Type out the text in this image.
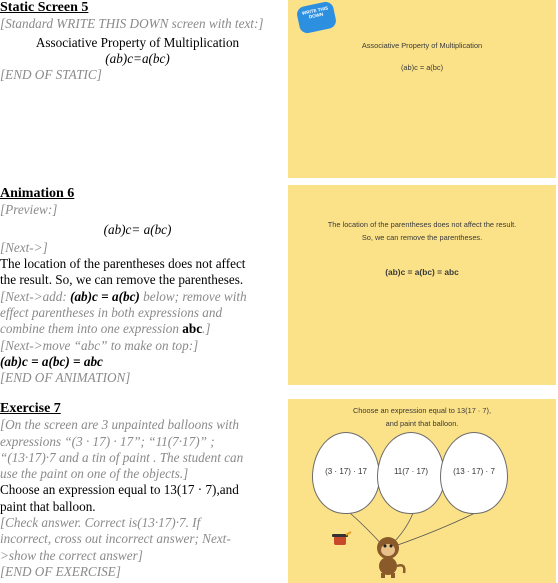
Static Screen 5
[Standard WRITE THIS DOWN screen with text:]
Associative Property of Multiplication
(ab)c=a(bc)
[END OF STATIC]
Animation 6
[Preview:]
(ab)c= a(bc)
[Next->]
The location of the parentheses does not affect
the result. So, we can remove the parentheses.
[Next->add: (ab)c = a(bc) below; remove with
effect parentheses in both expressions and
combine them into one expression abc.]
[Next->move “abc” to make on top:]
(ab)c = a(bc) = abc
[END OF ANIMATION]
Exercise 7
[On the screen are 3 unpainted balloons with
expressions “(3 · 17) · 17”; “11(7·17)” ;
“(13·17)·7 and a tin of paint . The student can
use the paint on one of the objects.]
Choose an expression equal to 13(17 · 7),and
paint that balloon.
[Check answer. Correct is(13·17)·7. If
incorrect, cross out incorrect answer; Next-
>show the correct answer]
[END OF EXERCISE]
WRITE THIS DOWN
Associative Property of Multiplication
(ab)c = a(bc)
The location of the parentheses does not affect the result.
So, we can remove the parentheses.
(ab)c = a(bc) = abc
Choose an expression equal to 13(17 · 7),
and paint that balloon.
(3 · 17) · 17	11(7 · 17)	(13 · 17) · 7
